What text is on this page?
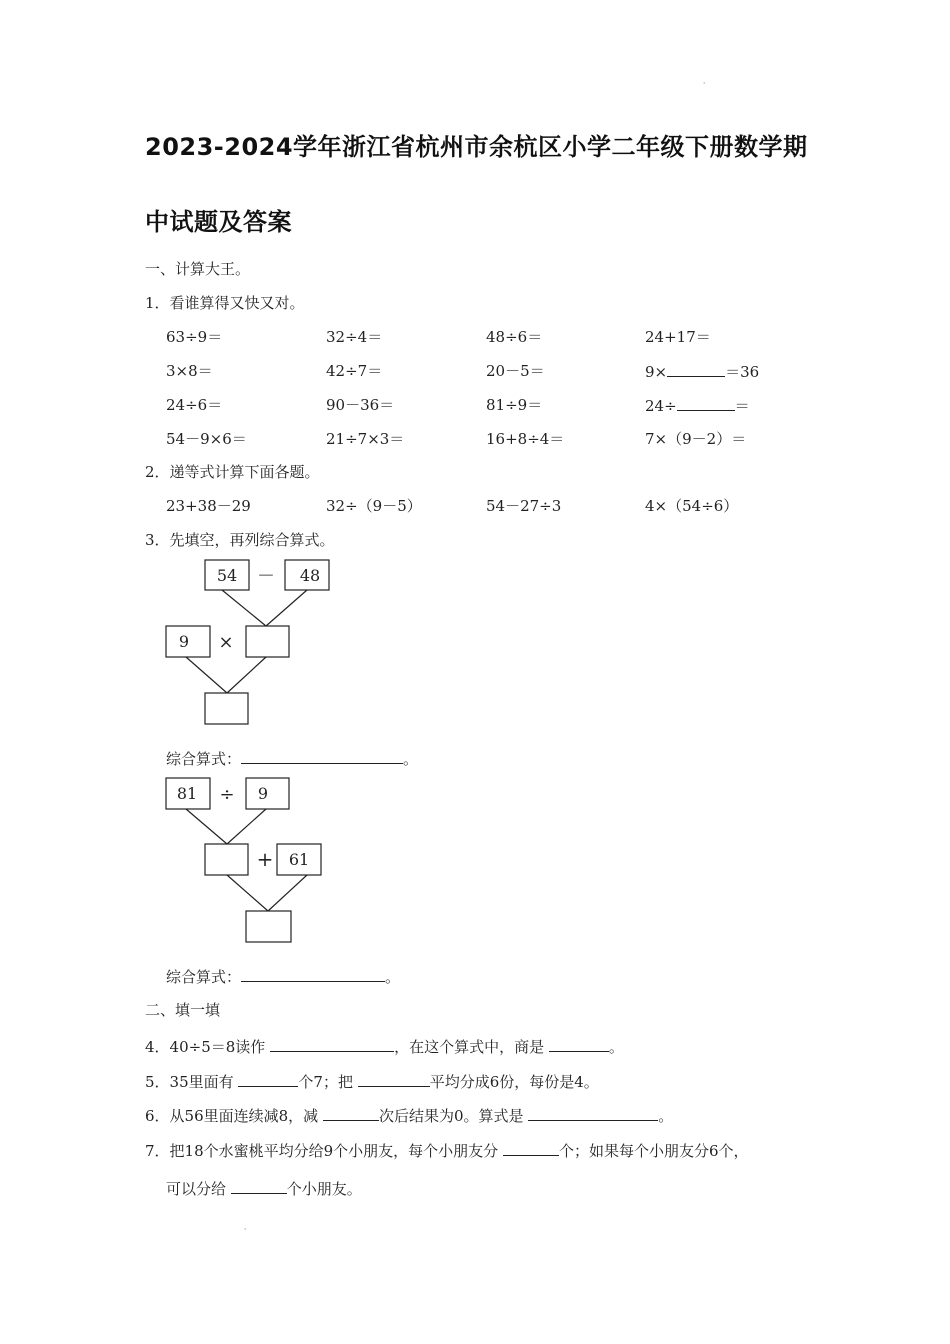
ˌ
ˌ
2023-2024学年浙江省杭州市余杭区小学二年级下册数学期
中试题及答案
一、计算大王。
1．看谁算得又快又对。
63÷9＝	32÷4＝	48÷6＝	24+17＝
3×8＝	42÷7＝	20－5＝	9×	＝36
24÷6＝	90－36＝	81÷9＝	24÷	＝
54－9×6＝	21÷7×3＝	16+8÷4＝	7×（9－2）＝
2．递等式计算下面各题。
23+38－29	32÷（9－5）	54－27÷3	4×（54÷6）
3．先填空，再列综合算式。
54 － 48
9 ×
综合算式：	。
81 ÷ 9
+ 61
综合算式：	。
二、填一填
4．40÷5＝8读作	，在这个算式中，商是	。
5．35里面有	个7；把	平均分成6份，每份是4。
6．从56里面连续减8，减	次后结果为0。算式是	。
7．把18个水蜜桃平均分给9个小朋友，每个小朋友分	个；如果每个小朋友分6个，
可以分给	个小朋友。
